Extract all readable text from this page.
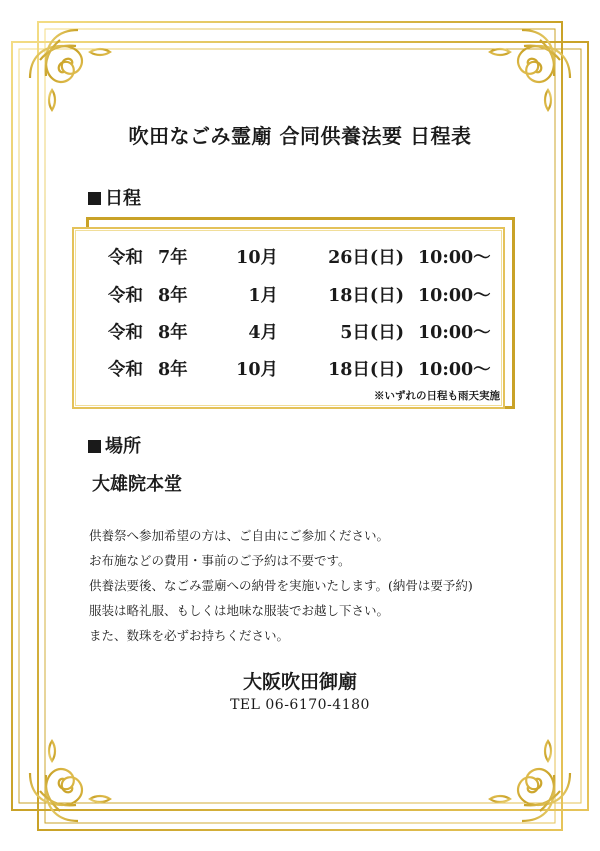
吹田なごみ霊廟 合同供養法要 日程表
日程
令和 7年	10月	26日(日) 10:00～
令和 8年	1月	18日(日) 10:00～
令和 8年	4月	5日(日) 10:00～
令和 8年	10月	18日(日) 10:00～
※いずれの日程も雨天実施
場所
大雄院本堂
供養祭へ参加希望の方は、ご自由にご参加ください。
お布施などの費用・事前のご予約は不要です。
供養法要後、なごみ霊廟への納骨を実施いたします。(納骨は要予約)
服装は略礼服、もしくは地味な服装でお越し下さい。
また、数珠を必ずお持ちください。
大阪吹田御廟
TEL 06-6170-4180
